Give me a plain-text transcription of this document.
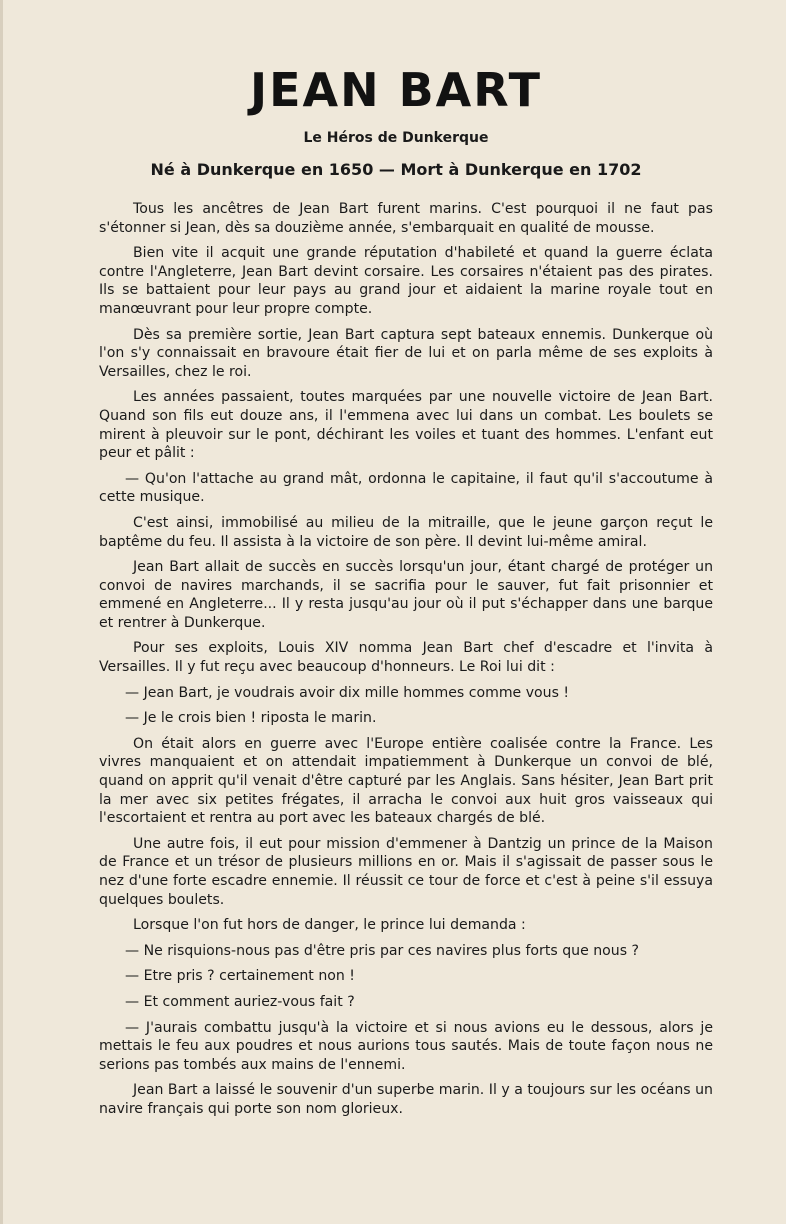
JEAN BART
Le Héros de Dunkerque
Né à Dunkerque en 1650 — Mort à Dunkerque en 1702

Tous les ancêtres de Jean Bart furent marins. C'est pourquoi il ne faut pas s'étonner si Jean, dès sa douzième année, s'embarquait en qualité de mousse.

Bien vite il acquit une grande réputation d'habileté et quand la guerre éclata contre l'Angleterre, Jean Bart devint corsaire. Les corsaires n'étaient pas des pirates. Ils se battaient pour leur pays au grand jour et aidaient la marine royale tout en manœuvrant pour leur propre compte.

Dès sa première sortie, Jean Bart captura sept bateaux ennemis. Dunkerque où l'on s'y connaissait en bravoure était fier de lui et on parla même de ses exploits à Versailles, chez le roi.

Les années passaient, toutes marquées par une nouvelle victoire de Jean Bart. Quand son fils eut douze ans, il l'emmena avec lui dans un combat. Les boulets se mirent à pleuvoir sur le pont, déchirant les voiles et tuant des hommes. L'enfant eut peur et pâlit :

— Qu'on l'attache au grand mât, ordonna le capitaine, il faut qu'il s'accoutume à cette musique.

C'est ainsi, immobilisé au milieu de la mitraille, que le jeune garçon reçut le baptême du feu. Il assista à la victoire de son père. Il devint lui-même amiral.

Jean Bart allait de succès en succès lorsqu'un jour, étant chargé de protéger un convoi de navires marchands, il se sacrifia pour le sauver, fut fait prisonnier et emmené en Angleterre... Il y resta jusqu'au jour où il put s'échapper dans une barque et rentrer à Dunkerque.

Pour ses exploits, Louis XIV nomma Jean Bart chef d'escadre et l'invita à Versailles. Il y fut reçu avec beaucoup d'honneurs. Le Roi lui dit :

— Jean Bart, je voudrais avoir dix mille hommes comme vous !

— Je le crois bien ! riposta le marin.

On était alors en guerre avec l'Europe entière coalisée contre la France. Les vivres manquaient et on attendait impatiemment à Dunkerque un convoi de blé, quand on apprit qu'il venait d'être capturé par les Anglais. Sans hésiter, Jean Bart prit la mer avec six petites frégates, il arracha le convoi aux huit gros vaisseaux qui l'escortaient et rentra au port avec les bateaux chargés de blé.

Une autre fois, il eut pour mission d'emmener à Dantzig un prince de la Maison de France et un trésor de plusieurs millions en or. Mais il s'agissait de passer sous le nez d'une forte escadre ennemie. Il réussit ce tour de force et c'est à peine s'il essuya quelques boulets.

Lorsque l'on fut hors de danger, le prince lui demanda :

— Ne risquions-nous pas d'être pris par ces navires plus forts que nous ?

— Etre pris ? certainement non !

— Et comment auriez-vous fait ?

— J'aurais combattu jusqu'à la victoire et si nous avions eu le dessous, alors je mettais le feu aux poudres et nous aurions tous sautés. Mais de toute façon nous ne serions pas tombés aux mains de l'ennemi.

Jean Bart a laissé le souvenir d'un superbe marin. Il y a toujours sur les océans un navire français qui porte son nom glorieux.
